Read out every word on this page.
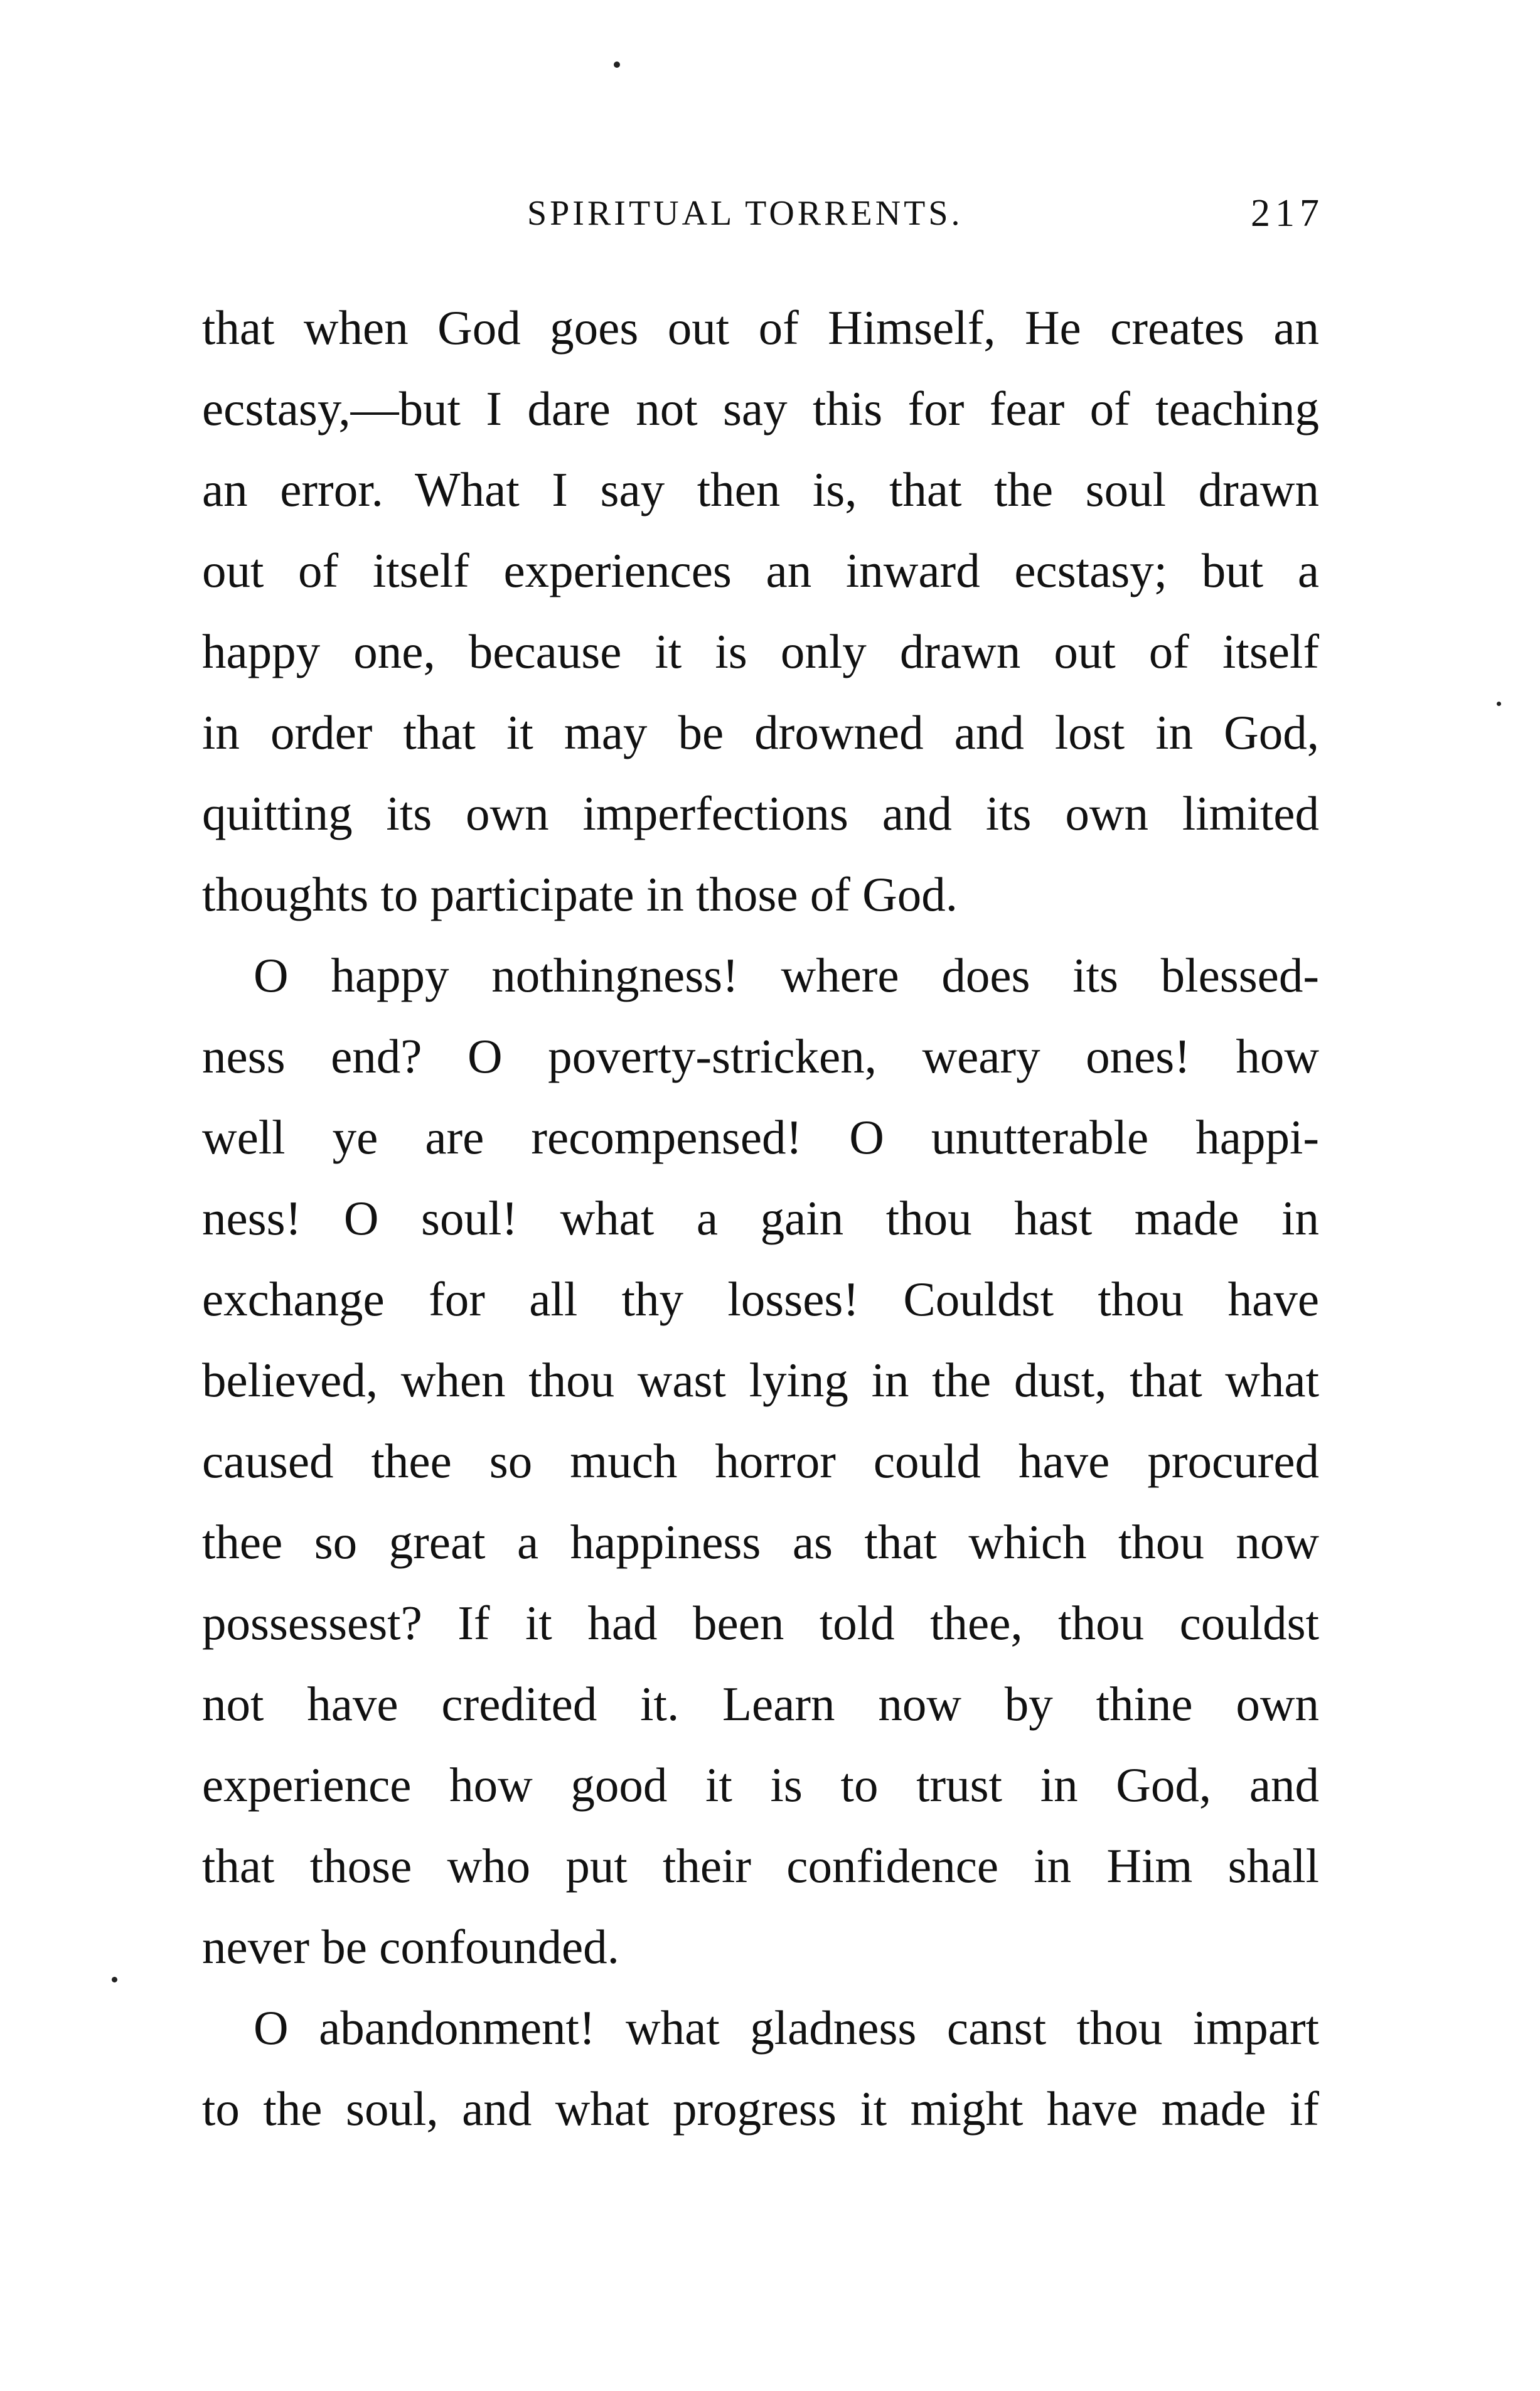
SPIRITUAL TORRENTS.	217
that when God goes out of Himself, He creates an
ecstasy,—but I dare not say this for fear of teaching
an error. What I say then is, that the soul drawn
out of itself experiences an inward ecstasy; but a
happy one, because it is only drawn out of itself
in order that it may be drowned and lost in God,
quitting its own imperfections and its own limited
thoughts to participate in those of God.
O happy nothingness! where does its blessed-
ness end? O poverty-stricken, weary ones! how
well ye are recompensed! O unutterable happi-
ness! O soul! what a gain thou hast made in
exchange for all thy losses! Couldst thou have
believed, when thou wast lying in the dust, that what
caused thee so much horror could have procured
thee so great a happiness as that which thou now
possessest? If it had been told thee, thou couldst
not have credited it. Learn now by thine own
experience how good it is to trust in God, and
that those who put their confidence in Him shall
never be confounded.
O abandonment! what gladness canst thou impart
to the soul, and what progress it might have made if
